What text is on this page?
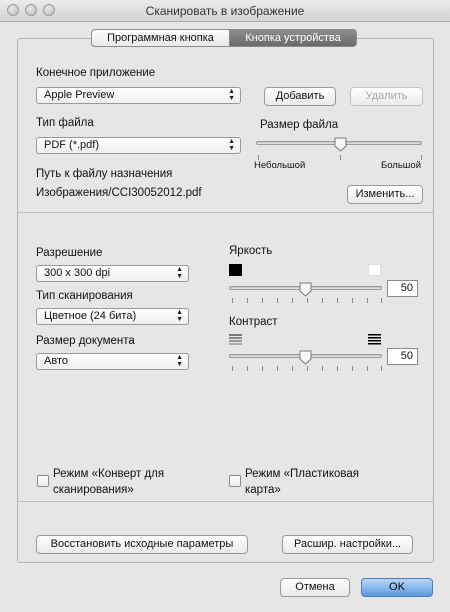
Сканировать в изображение
Программная кнопка	Кнопка устройства
Конечное приложение
Apple Preview	▲
▼	Добавить	Удалить
Тип файла
PDF (*.pdf)	▲
▼
Размер файла
Небольшой	Большой
Путь к файлу назначения
Изображения/CCI30052012.pdf	Изменить...
Разрешение
300 x 300 dpi	▲
▼
Тип сканирования
Цветное (24 бита)	▲
▼
Размер документа
Авто	▲
▼
Яркость
50
Контраст
50
Режим «Конверт для
сканирования»
Режим «Пластиковая
карта»
Восстановить исходные параметры	Расшир. настройки...
Отмена	OK
